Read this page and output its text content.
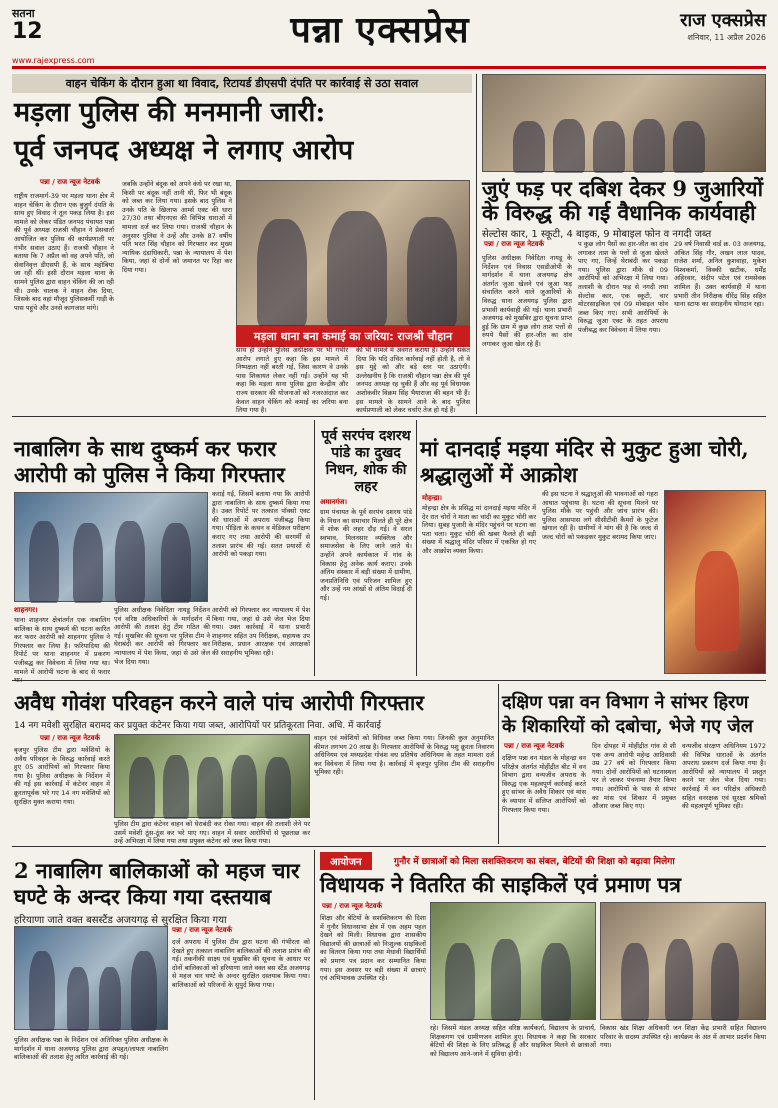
सतना
12	पन्ना एक्सप्रेस	राज एक्सप्रेस
शनिवार, 11 अप्रैल 2026
www.rajexpress.com
वाहन चेकिंग के दौरान हुआ था विवाद, रिटायर्ड डीएसपी दंपति पर कार्रवाई से उठा सवाल
मड़ला पुलिस की मनमानी जारी:
पूर्व जनपद अध्यक्ष ने लगाए आरोप
पन्ना / राज न्यूज नेटवर्क
राष्ट्रीय राजमार्ग-39 पर मड़ला थाना क्षेत्र में वाहन चेकिंग के दौरान एक बुजुर्ग दंपति के साथ हुए विवाद ने तूल पकड़ लिया है। इस मामले को लेकर पंडित जनपद पंचायत पन्ना की पूर्व अध्यक्ष राजश्री चौहान ने प्रेसवार्ता आयोजित कर पुलिस की कार्यप्रणाली पर गंभीर सवाल उठाए हैं। राजश्री चौहान ने बताया कि 7 अप्रैल को वह अपने पति, जो सेवानिवृत्त डीएसपी हैं, के साथ महोबिया जा रही थीं। इसी दौरान मड़ला थाना के सामने पुलिस द्वारा वाहन चेकिंग की जा रही थी। उनके चालक ने वाहन रोक दिया, जिसके बाद वहां मौजूद पुलिसकर्मी गाड़ी के पास पहुंचे और उनसे कागजात मांगे।
जबकि उन्होंने बंदूक को अपने कंधे पर रखा था, किसी पर बंदूक नहीं तानी थी, फिर भी बंदूक को जब्त कर लिया गया। इसके बाद पुलिस ने उनके पति के खिलाफ आर्म्स एक्ट की धारा 27/30 तथा बीएनएस की विभिन्न धाराओं में मामला दर्ज कर लिया गया। राजश्री चौहान के अनुसार पुलिस ने उन्हें और उनके 87 वर्षीय पति भरत सिंह चौहान को गिरफ्तार कर मुख्य न्यायिक दंडाधिकारी, पन्ना के न्यायालय में पेश किया, जहां से दोनों को जमानत पर रिहा कर दिया गया।
मड़ला थाना बना कमाई का जरिया: राजश्री चौहान
साथ ही उन्होंने पुलिस अधीक्षक पर भी गंभीर आरोप लगाते हुए कहा कि इस मामले में निष्पक्षता नहीं बरती गई, जिस कारण वे उनके पास शिकायत लेकर नहीं गईं। उन्होंने यह भी कहा कि मड़ला थाना पुलिस द्वारा केन्द्रीय और राज्य सरकार की योजनाओं को नजरअंदाज कर केवल वाहन चेकिंग को कमाई का जरिया बना लिया गया है।
की भी मामले में अवगत कराया है। उन्होंने संकेत दिया कि यदि उचित कार्रवाई नहीं होती है, तो वे इस मुद्दे को और बड़े स्तर पर उठाएंगी। उल्लेखनीय है कि राजश्री चौहान पन्ना क्षेत्र की पूर्व जनपद अध्यक्ष रह चुकी हैं और वह पूर्व विधायक अशोकवीर विक्रम सिंह भैयाराजा की बहन भी हैं। इस मामले के सामने आने के बाद पुलिस कार्यप्रणाली को लेकर चर्चाएं तेज हो गई हैं।
जुएं फड़ पर दबिश देकर 9 जुआरियों
के विरुद्ध की गई वैधानिक कार्यवाही
सेल्टोस कार, 1 स्कूटी, 4 बाइक, 9 मोबाइल फोन व नगदी जब्त
पन्ना / राज न्यूज नेटवर्क
पुलिस अधीक्षक निवेदिता नायडू के निर्देशन एवं निवास एसडीओपी के मार्गदर्शन में थाना अजयगढ़ क्षेत्र अंतर्गत जुआ खेलने एवं जुआ फड़ संचालित करने वाले जुआरियों के विरुद्ध थाना अजयगढ़ पुलिस द्वारा प्रभावी कार्यवाही की गई। थाना प्रभारी अजयगढ़ को मुखबिर द्वारा सूचना प्राप्त हुई कि ग्राम में कुछ लोग ताश पत्तों से रुपये पैसों की हार-जीत का दांव लगाकर जुआ खेल रहे हैं।
प कुछ लोग पैसों का हार-जीत का दांव लगाकर ताश के पत्तों से जुआ खेलते पाए गए, जिन्हें घेराबंदी कर पकड़ा गया। पुलिस द्वारा मौके से 09 आरोपियों को अभिरक्षा में लिया गया। तलाशी के दौरान फड़ से नगदी तथा सेल्टोस कार, एक स्कूटी, चार मोटरसाइकिल एवं 09 मोबाइल फोन जब्त किए गए। सभी आरोपियों के विरुद्ध जुआ एक्ट के तहत अपराध पंजीबद्ध कर विवेचना में लिया गया।
29 वर्ष निवासी वार्ड क्र. 03 अजयगढ़, अंकित सिंह गौर, लखन लाल यादव, राजेश शर्मा, अनिल कुशवाहा, मुकेश विश्वकर्मा, विक्की खटीक, धर्मेंद्र अहिरवार, संदीप पटेल एवं रामसेवक शामिल हैं। उक्त कार्यवाही में थाना प्रभारी तीन निरीक्षक धीरेंद्र सिंह सहित थाना स्टाफ का सराहनीय योगदान रहा।
नाबालिग के साथ दुष्कर्म कर फरार
आरोपी को पुलिस ने किया गिरफ्तार
कराई गई, जिसमें बताया गया कि आरोपी द्वारा नाबालिग के साथ दुष्कर्म किया गया है। उक्त रिपोर्ट पर तत्काल पॉक्सो एक्ट की धाराओं में अपराध पंजीबद्ध किया गया। पीड़िता के कथन व मेडिकल परीक्षण कराए गए तथा आरोपी की सरगर्मी से तलाश प्रारंभ की गई। सतत प्रयासों से आरोपी को पकड़ा गया।
शाहनगर।
थाना शाहनगर क्षेत्रांतर्गत एक नाबालिग बालिका के साथ दुष्कर्म की घटना कारित कर फरार आरोपी को शाहनगर पुलिस ने गिरफ्तार कर लिया है। फरियादिया की रिपोर्ट पर थाना शाहनगर में प्रकरण पंजीबद्ध कर विवेचना में लिया गया था। मामले में आरोपी घटना के बाद से फरार
पुलिस अधीक्षक निवेदिता नायडू निर्देशन एवं वरिष्ठ अधिकारियों के मार्गदर्शन में आरोपी की तलाश हेतु टीम गठित की गई। मुखबिर की सूचना पर पुलिस टीम ने घेराबंदी कर आरोपी को गिरफ्तार कर न्यायालय में पेश किया, जहां से उसे जेल भेज दिया गया।
आरोपी को गिरफ्तार कर न्यायालय में पेश किया गया, जहां से उसे जेल भेज दिया गया। उक्त कार्रवाई में थाना प्रभारी शाहनगर सहित उप निरीक्षक, सहायक उप निरीक्षक, प्रधान आरक्षक एवं आरक्षकों की सराहनीय भूमिका रही।
पूर्व सरपंच दशरथ पांडे का दुखद निधन, शोक की लहर
अमानगंज।
ग्राम पंचायत के पूर्व सरपंच दशरथ पांडे के निधन का समाचार मिलते ही पूरे क्षेत्र में शोक की लहर दौड़ गई। वे सरल स्वभाव, मिलनसार व्यक्तित्व और समाजसेवा के लिए जाने जाते थे। उन्होंने अपने कार्यकाल में गांव के विकास हेतु अनेक कार्य कराए। उनके अंतिम संस्कार में बड़ी संख्या में ग्रामीण, जनप्रतिनिधि एवं परिजन शामिल हुए और उन्हें नम आंखों से अंतिम विदाई दी गई।
मां दानदाई मइया मंदिर से मुकुट हुआ चोरी,
श्रद्धालुओं में आक्रोश
मोहन्द्रा।
मोहन्द्रा क्षेत्र के प्रसिद्ध मां दानदाई मइया मंदिर में देर रात चोरों ने माता का चांदी का मुकुट चोरी कर लिया। सुबह पुजारी के मंदिर पहुंचने पर घटना का पता चला। मुकुट चोरी की खबर फैलते ही बड़ी संख्या में श्रद्धालु मंदिर परिसर में एकत्रित हो गए और आक्रोश व्यक्त किया।
की इस घटना ने श्रद्धालुओं की भावनाओं को गहरा आघात पहुंचाया है। घटना की सूचना मिलने पर पुलिस मौके पर पहुंची और जांच प्रारंभ की। पुलिस आसपास लगे सीसीटीवी कैमरों के फुटेज खंगाल रही है। ग्रामीणों ने मांग की है कि जल्द से जल्द चोरों को पकड़कर मुकुट बरामद किया जाए।
अवैध गोवंश परिवहन करने वाले पांच आरोपी गिरफ्तार
14 नग मवेशी सुरक्षित बरामद कर प्रयुक्त कंटेनर किया गया जब्त, आरोपियों पर प्रतिकूरता निवा. अधि. में कार्रवाई
पन्ना / राज न्यूज नेटवर्क
बृजपुर पुलिस टीम द्वारा मवेशियों के अवैध परिवहन के विरुद्ध कार्रवाई करते हुए 05 आरोपियों को गिरफ्तार किया गया है। पुलिस अधीक्षक के निर्देशन में की गई इस कार्रवाई में कंटेनर वाहन में क्रूरतापूर्वक भरे गए 14 नग मवेशियों को सुरक्षित मुक्त कराया गया।
पुलिस टीम द्वारा कंटेनर वाहन को घेराबंदी कर रोका गया। वाहन की तलाशी लेने पर उसमें मवेशी ठूंस-ठूंस कर भरे पाए गए। वाहन में सवार आरोपियों से पूछताछ कर उन्हें अभिरक्षा में लिया गया तथा प्रयुक्त कंटेनर को जब्त किया गया।
वाहन एवं मवेशियों को विधिवत जब्त किया गया। जिनकी कुल अनुमानित कीमत लगभग 20 लाख है। गिरफ्तार आरोपियों के विरुद्ध पशु क्रूरता निवारण अधिनियम एवं मध्यप्रदेश गोवंश वध प्रतिषेध अधिनियम के तहत मामला दर्ज कर विवेचना में लिया गया है। कार्रवाई में बृजपुर पुलिस टीम की सराहनीय भूमिका रही।
दक्षिण पन्ना वन विभाग ने सांभर हिरण
के शिकारियों को दबोचा, भेजे गए जेल
पन्ना / राज न्यूज नेटवर्क
दक्षिण पन्ना वन मंडल के मोहन्द्रा वन परिक्षेत्र अंतर्गत मोहींद्रीत बीट में वन विभाग द्वारा वन्यजीव अपराध के विरुद्ध एक महत्वपूर्ण कार्रवाई करते हुए सांभर के अवैध शिकार एवं मांस के व्यापार में संलिप्त आरोपियों को गिरफ्तार किया गया।
दिन दोपहर में मोहींद्रीत गांव से शी एक अन्य आरोपी महेन्द्र आदिवासी उम्र 27 वर्ष को गिरफ्तार किया गया। दोनों आरोपियों को घटनास्थल पर ले जाकर पंचनामा तैयार किया गया। आरोपियों के पास से सांभर का मांस एवं शिकार में प्रयुक्त औजार जब्त किए गए।
वन्यजीव संरक्षण अधिनियम 1972 की विभिन्न धाराओं के अंतर्गत अपराध प्रकरण दर्ज किया गया है। आरोपियों को न्यायालय में प्रस्तुत करने पर जेल भेज दिया गया। कार्रवाई में वन परिक्षेत्र अधिकारी सहित वनरक्षक एवं सुरक्षा श्रमिकों की महत्वपूर्ण भूमिका रही।
2 नाबालिग बालिकाओं को महज चार
घण्टे के अन्दर किया गया दस्तयाब
हरियाणा जाते वक्त बसस्टैंड अजयगढ़ से सुरक्षित किया गया
पन्ना / राज न्यूज नेटवर्क
दर्ज अपराध में पुलिस टीम द्वारा घटना की गंभीरता को देखते हुए तत्काल नाबालिग बालिकाओं की तलाश प्रारंभ की गई। तकनीकी साक्ष्य एवं मुखबिर की सूचना के आधार पर दोनों बालिकाओं को हरियाणा जाते वक्त बस स्टैंड अजयगढ़ से महज चार घण्टे के अन्दर सुरक्षित दस्तयाब किया गया। बालिकाओं को परिजनों के सुपुर्द किया गया।
पुलिस अधीक्षक पन्ना के निर्देशन एवं अतिरिक्त पुलिस अधीक्षक के मार्गदर्शन में थाना अजयगढ़ पुलिस द्वारा अपहृत/लापता नाबालिग बालिकाओं की तलाश हेतु त्वरित कार्रवाई की गई।
आयोजन	गुनौर में छात्राओं को मिला सशक्तिकरण का संबल, बेटियों की शिक्षा को बढ़ावा मिलेगा
विधायक ने वितरित की साइकिलें एवं प्रमाण पत्र
पन्ना / राज न्यूज नेटवर्क
शिक्षा और बेटियों के सशक्तिकरण की दिशा में गुनौर विधानसभा क्षेत्र में एक अहम पहल देखने को मिली। विधायक द्वारा शासकीय विद्यालयों की छात्राओं को निःशुल्क साइकिलों का वितरण किया गया तथा मेधावी विद्यार्थियों को प्रमाण पत्र प्रदान कर सम्मानित किया गया। इस अवसर पर बड़ी संख्या में छात्राएं एवं अभिभावक उपस्थित रहे।
रहे। जिसमें मंडल अध्यक्ष सहित वरिष्ठ कार्यकर्ता, विद्यालय के प्राचार्य, शिक्षकगण एवं ग्रामीणजन शामिल हुए। विधायक ने कहा कि सरकार बेटियों की शिक्षा के लिए प्रतिबद्ध है और साइकिल मिलने से छात्राओं को विद्यालय आने-जाने में सुविधा होगी।
विकास खंड शिक्षा अधिकारी जन शिक्षा केंद्र प्रभारी सहित विद्यालय परिवार के सदस्य उपस्थित रहे। कार्यक्रम के अंत में आभार प्रदर्शन किया गया।
